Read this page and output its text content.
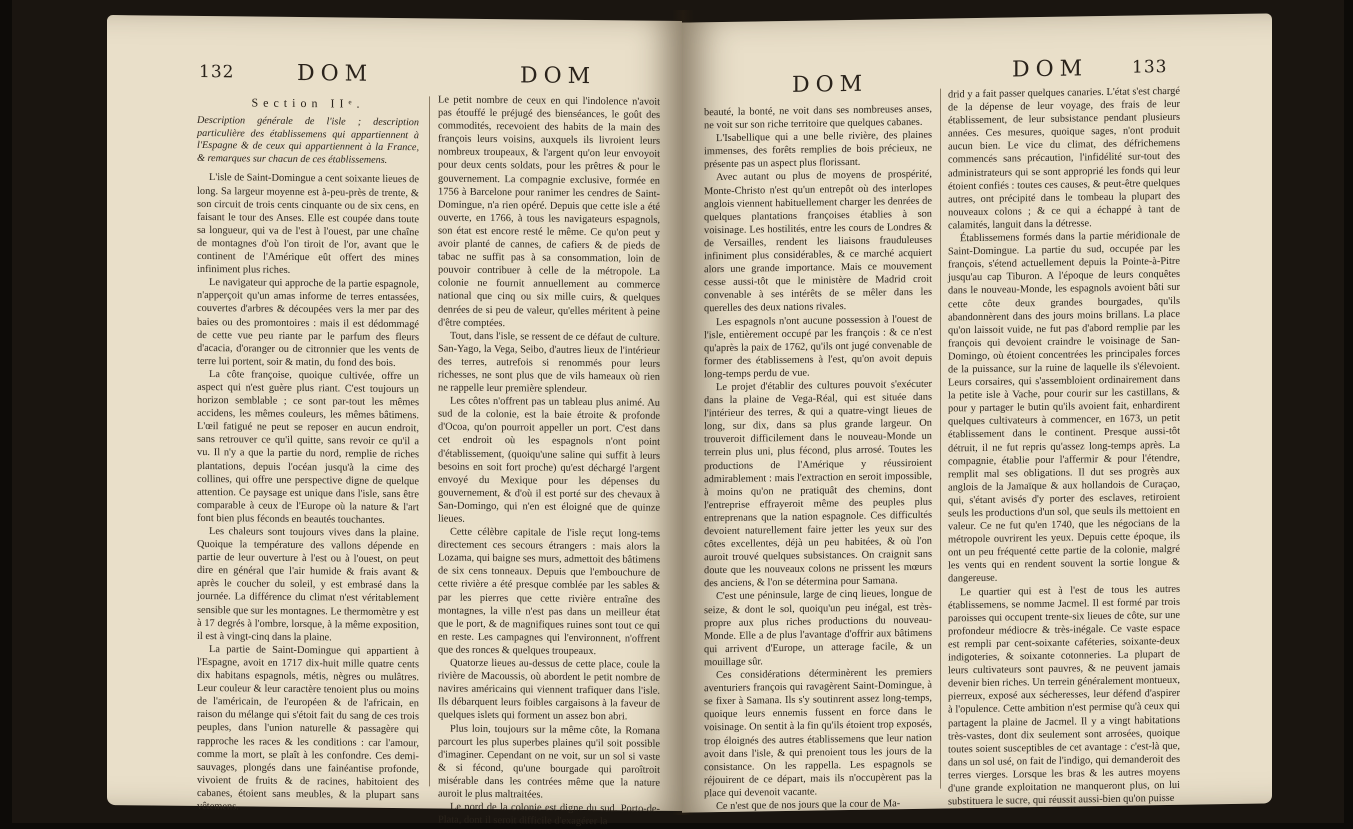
132	DOM	DOM
Section IIᵉ.
Description générale de l'isle ; description particulière des établissemens qui appartiennent à l'Espagne & de ceux qui appartiennent à la France, & remarques sur chacun de ces établissemens.

L'isle de Saint-Domingue a cent soixante lieues de long. Sa largeur moyenne est à-peu-près de trente, & son circuit de trois cents cinquante ou de six cens, en faisant le tour des Anses. Elle est coupée dans toute sa longueur, qui va de l'est à l'ouest, par une chaîne de montagnes d'où l'on tiroit de l'or, avant que le continent de l'Amérique eût offert des mines infiniment plus riches.

Le navigateur qui approche de la partie espagnole, n'apperçoit qu'un amas informe de terres entassées, couvertes d'arbres & découpées vers la mer par des baies ou des promontoires : mais il est dédommagé de cette vue peu riante par le parfum des fleurs d'acacia, d'oranger ou de citronnier que les vents de terre lui portent, soir & matin, du fond des bois.

La côte françoise, quoique cultivée, offre un aspect qui n'est guère plus riant. C'est toujours un horizon semblable ; ce sont par-tout les mêmes accidens, les mêmes couleurs, les mêmes bâtimens. L'œil fatigué ne peut se reposer en aucun endroit, sans retrouver ce qu'il quitte, sans revoir ce qu'il a vu. Il n'y a que la partie du nord, remplie de riches plantations, depuis l'océan jusqu'à la cime des collines, qui offre une perspective digne de quelque attention. Ce paysage est unique dans l'isle, sans être comparable à ceux de l'Europe où la nature & l'art font bien plus féconds en beautés touchantes.

Les chaleurs sont toujours vives dans la plaine. Quoique la température des vallons dépende en partie de leur ouverture à l'est ou à l'ouest, on peut dire en général que l'air humide & frais avant & après le coucher du soleil, y est embrasé dans la journée. La différence du climat n'est véritablement sensible que sur les montagnes. Le thermomètre y est à 17 degrés à l'ombre, lorsque, à la même exposition, il est à vingt-cinq dans la plaine.

La partie de Saint-Domingue qui appartient à l'Espagne, avoit en 1717 dix-huit mille quatre cents dix habitans espagnols, métis, nègres ou mulâtres. Leur couleur & leur caractère tenoient plus ou moins de l'américain, de l'européen & de l'africain, en raison du mélange qui s'étoit fait du sang de ces trois peuples, dans l'union naturelle & passagère qui rapproche les races & les conditions : car l'amour, comme la mort, se plaît à les confondre. Ces demi-sauvages, plongés dans une fainéantise profonde, vivoient de fruits & de racines, habitoient des cabanes, étoient sans meubles, & la plupart sans vêtemens.

Le petit nombre de ceux en qui l'indolence n'avoit pas étouffé le préjugé des bienséances, le goût des commodités, recevoient des habits de la main des françois leurs voisins, auxquels ils livroient leurs nombreux troupeaux, & l'argent qu'on leur envoyoit pour deux cents soldats, pour les prêtres & pour le gouvernement. La compagnie exclusive, formée en 1756 à Barcelone pour ranimer les cendres de Saint-Domingue, n'a rien opéré. Depuis que cette isle a été ouverte, en 1766, à tous les navigateurs espagnols, son état est encore resté le même. Ce qu'on peut y avoir planté de cannes, de cafiers & de pieds de tabac ne suffit pas à sa consommation, loin de pouvoir contribuer à celle de la métropole. La colonie ne fournit annuellement au commerce national que cinq ou six mille cuirs, & quelques denrées de si peu de valeur, qu'elles méritent à peine d'être comptées.

Tout, dans l'isle, se ressent de ce défaut de culture. San-Yago, la Vega, Seibo, d'autres lieux de l'intérieur des terres, autrefois si renommés pour leurs richesses, ne sont plus que de vils hameaux où rien ne rappelle leur première splendeur.

Les côtes n'offrent pas un tableau plus animé. Au sud de la colonie, est la baie étroite & profonde d'Ocoa, qu'on pourroit appeller un port. C'est dans cet endroit où les espagnols n'ont point d'établissement, (quoiqu'une saline qui suffit à leurs besoins en soit fort proche) qu'est déchargé l'argent envoyé du Mexique pour les dépenses du gouvernement, & d'où il est porté sur des chevaux à San-Domingo, qui n'en est éloigné que de quinze lieues.

Cette célèbre capitale de l'isle reçut long-tems directement ces secours étrangers : mais alors la Lozama, qui baigne ses murs, admettoit des bâtimens de six cens tonneaux. Depuis que l'embouchure de cette rivière a été presque comblée par les sables & par les pierres que cette rivière entraîne des montagnes, la ville n'est pas dans un meilleur état que le port, & de magnifiques ruines sont tout ce qui en reste. Les campagnes qui l'environnent, n'offrent que des ronces & quelques troupeaux.

Quatorze lieues au-dessus de cette place, coule la rivière de Macoussis, où abordent le petit nombre de navires américains qui viennent trafiquer dans l'isle. Ils débarquent leurs foibles cargaisons à la faveur de quelques islets qui forment un assez bon abri.

Plus loin, toujours sur la même côte, la Romana parcourt les plus superbes plaines qu'il soit possible d'imaginer. Cependant on ne voit, sur un sol si vaste & si fécond, qu'une bourgade qui paroîtroit misérable dans les contrées même que la nature auroit le plus maltraitées.

Le nord de la colonie est digne du sud. Porto-de-Plata, dont il seroit difficile d'exagérer la

DOM
DOM	133

beauté, la bonté, ne voit dans ses nombreuses anses, ne voit sur son riche territoire que quelques cabanes.

L'Isabellique qui a une belle rivière, des plaines immenses, des forêts remplies de bois précieux, ne présente pas un aspect plus florissant.

Avec autant ou plus de moyens de prospérité, Monte-Christo n'est qu'un entrepôt où des interlopes anglois viennent habituellement charger les denrées de quelques plantations françoises établies à son voisinage. Les hostilités, entre les cours de Londres & de Versailles, rendent les liaisons frauduleuses infiniment plus considérables, & ce marché acquiert alors une grande importance. Mais ce mouvement cesse aussi-tôt que le ministère de Madrid croit convenable à ses intérêts de se mêler dans les querelles des deux nations rivales.

Les espagnols n'ont aucune possession à l'ouest de l'isle, entièrement occupé par les françois : & ce n'est qu'après la paix de 1762, qu'ils ont jugé convenable de former des établissemens à l'est, qu'on avoit depuis long-temps perdu de vue.

Le projet d'établir des cultures pouvoit s'exécuter dans la plaine de Vega-Réal, qui est située dans l'intérieur des terres, & qui a quatre-vingt lieues de long, sur dix, dans sa plus grande largeur. On trouveroit difficilement dans le nouveau-Monde un terrein plus uni, plus fécond, plus arrosé. Toutes les productions de l'Amérique y réussiroient admirablement : mais l'extraction en seroit impossible, à moins qu'on ne pratiquât des chemins, dont l'entreprise effrayeroit même des peuples plus entreprenans que la nation espagnole. Ces difficultés devoient naturellement faire jetter les yeux sur des côtes excellentes, déjà un peu habitées, & où l'on auroit trouvé quelques subsistances. On craignit sans doute que les nouveaux colons ne prissent les mœurs des anciens, & l'on se détermina pour Samana.

C'est une péninsule, large de cinq lieues, longue de seize, & dont le sol, quoiqu'un peu inégal, est très-propre aux plus riches productions du nouveau-Monde. Elle a de plus l'avantage d'offrir aux bâtimens qui arrivent d'Europe, un atterage facile, & un mouillage sûr.

Ces considérations déterminèrent les premiers aventuriers françois qui ravagèrent Saint-Domingue, à se fixer à Samana. Ils s'y soutinrent assez long-temps, quoique leurs ennemis fussent en force dans le voisinage. On sentit à la fin qu'ils étoient trop exposés, trop éloignés des autres établissemens que leur nation avoit dans l'isle, & qui prenoient tous les jours de la consistance. On les rappella. Les espagnols se réjouirent de ce départ, mais ils n'occupèrent pas la place qui devenoit vacante.

Ce n'est que de nos jours que la cour de Ma-

drid y a fait passer quelques canaries. L'état s'est chargé de la dépense de leur voyage, des frais de leur établissement, de leur subsistance pendant plusieurs années. Ces mesures, quoique sages, n'ont produit aucun bien. Le vice du climat, des défrichemens commencés sans précaution, l'infidélité sur-tout des administrateurs qui se sont approprié les fonds qui leur étoient confiés : toutes ces causes, & peut-être quelques autres, ont précipité dans le tombeau la plupart des nouveaux colons ; & ce qui a échappé à tant de calamités, languit dans la détresse.

Établissemens formés dans la partie méridionale de Saint-Domingue. La partie du sud, occupée par les françois, s'étend actuellement depuis la Pointe-à-Pitre jusqu'au cap Tiburon. A l'époque de leurs conquêtes dans le nouveau-Monde, les espagnols avoient bâti sur cette côte deux grandes bourgades, qu'ils abandonnèrent dans des jours moins brillans. La place qu'on laissoit vuide, ne fut pas d'abord remplie par les françois qui devoient craindre le voisinage de San-Domingo, où étoient concentrées les principales forces de la puissance, sur la ruine de laquelle ils s'élevoient. Leurs corsaires, qui s'assembloient ordinairement dans la petite isle à Vache, pour courir sur les castillans, & pour y partager le butin qu'ils avoient fait, enhardirent quelques cultivateurs à commencer, en 1673, un petit établissement dans le continent. Presque aussi-tôt détruit, il ne fut repris qu'assez long-temps après. La compagnie, établie pour l'affermir & pour l'étendre, remplit mal ses obligations. Il dut ses progrès aux anglois de la Jamaïque & aux hollandois de Curaçao, qui, s'étant avisés d'y porter des esclaves, retiroient seuls les productions d'un sol, que seuls ils mettoient en valeur. Ce ne fut qu'en 1740, que les négocians de la métropole ouvrirent les yeux. Depuis cette époque, ils ont un peu fréquenté cette partie de la colonie, malgré les vents qui en rendent souvent la sortie longue & dangereuse.

Le quartier qui est à l'est de tous les autres établissemens, se nomme Jacmel. Il est formé par trois paroisses qui occupent trente-six lieues de côte, sur une profondeur médiocre & très-inégale. Ce vaste espace est rempli par cent-soixante caféteries, soixante-deux indigoteries, & soixante cotonneries. La plupart de leurs cultivateurs sont pauvres, & ne peuvent jamais devenir bien riches. Un terrein généralement montueux, pierreux, exposé aux sécheresses, leur défend d'aspirer à l'opulence. Cette ambition n'est permise qu'à ceux qui partagent la plaine de Jacmel. Il y a vingt habitations très-vastes, dont dix seulement sont arrosées, quoique toutes soient susceptibles de cet avantage : c'est-là que, dans un sol usé, on fait de l'indigo, qui demanderoit des terres vierges. Lorsque les bras & les autres moyens d'une grande exploitation ne manqueront plus, on lui substituera le sucre, qui réussit aussi-bien qu'on puisse
